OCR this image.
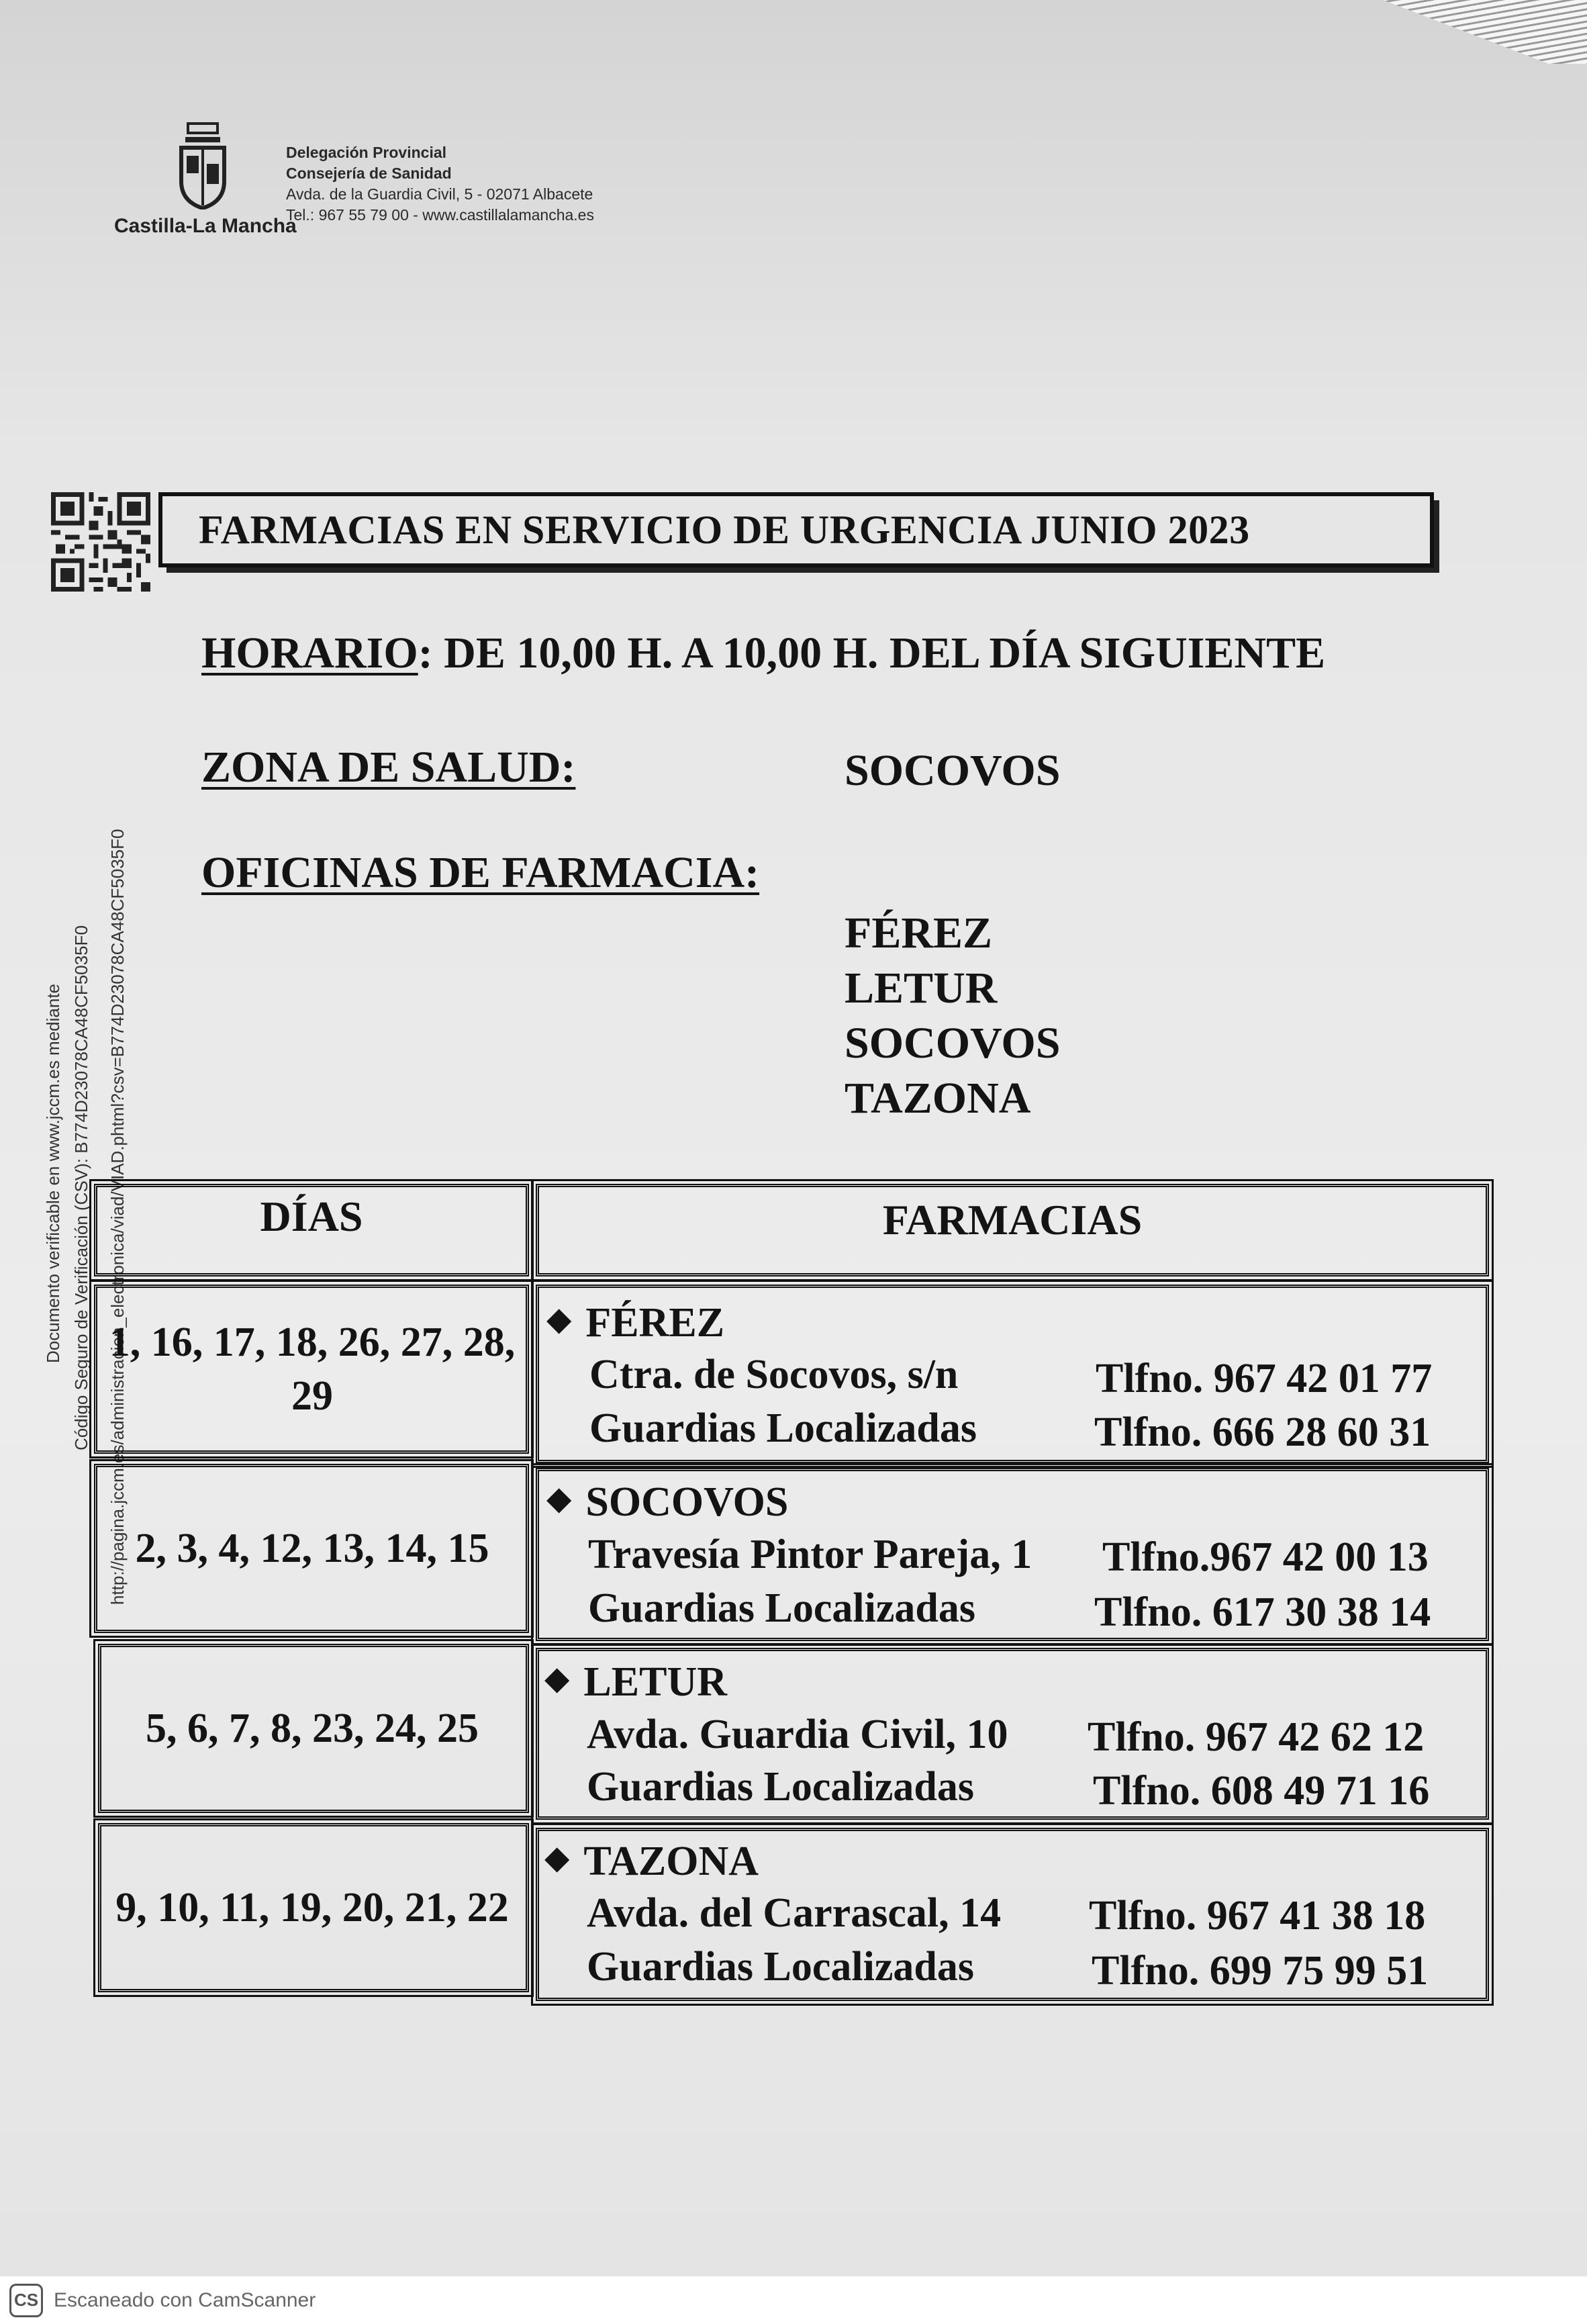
Castilla-La Mancha
Delegación Provincial
Consejería de Sanidad
Avda. de la Guardia Civil, 5 - 02071 Albacete
Tel.: 967 55 79 00 - www.castillalamancha.es
Documento verificable en www.jccm.es mediante Código Seguro de Verificación (CSV): B774D23078CA48CF5035F0 http://pagina.jccm.es/administracion_electronica/viad/VIAD.phtml?csv=B774D23078CA48CF5035F0
FARMACIAS EN SERVICIO DE URGENCIA JUNIO 2023
HORARIO: DE 10,00 H. A 10,00 H. DEL DÍA SIGUIENTE
ZONA DE SALUD:	SOCOVOS
OFICINAS DE FARMACIA:
FÉREZ
LETUR
SOCOVOS
TAZONA
DÍAS	FARMACIAS
1, 16, 17, 18, 26, 27, 28, 29
◆ FÉREZ
Ctra. de Socovos, s/n	Tlfno. 967 42 01 77
Guardias Localizadas	Tlfno. 666 28 60 31
2, 3, 4, 12, 13, 14, 15
◆ SOCOVOS
Travesía Pintor Pareja, 1 Tlfno.967 42 00 13
Guardias Localizadas	Tlfno. 617 30 38 14
5, 6, 7, 8, 23, 24, 25
◆ LETUR
Avda. Guardia Civil, 10 Tlfno. 967 42 62 12
Guardias Localizadas	Tlfno. 608 49 71 16
9, 10, 11, 19, 20, 21, 22
◆ TAZONA
Avda. del Carrascal, 14 Tlfno. 967 41 38 18
Guardias Localizadas	Tlfno. 699 75 99 51
CS Escaneado con CamScanner
